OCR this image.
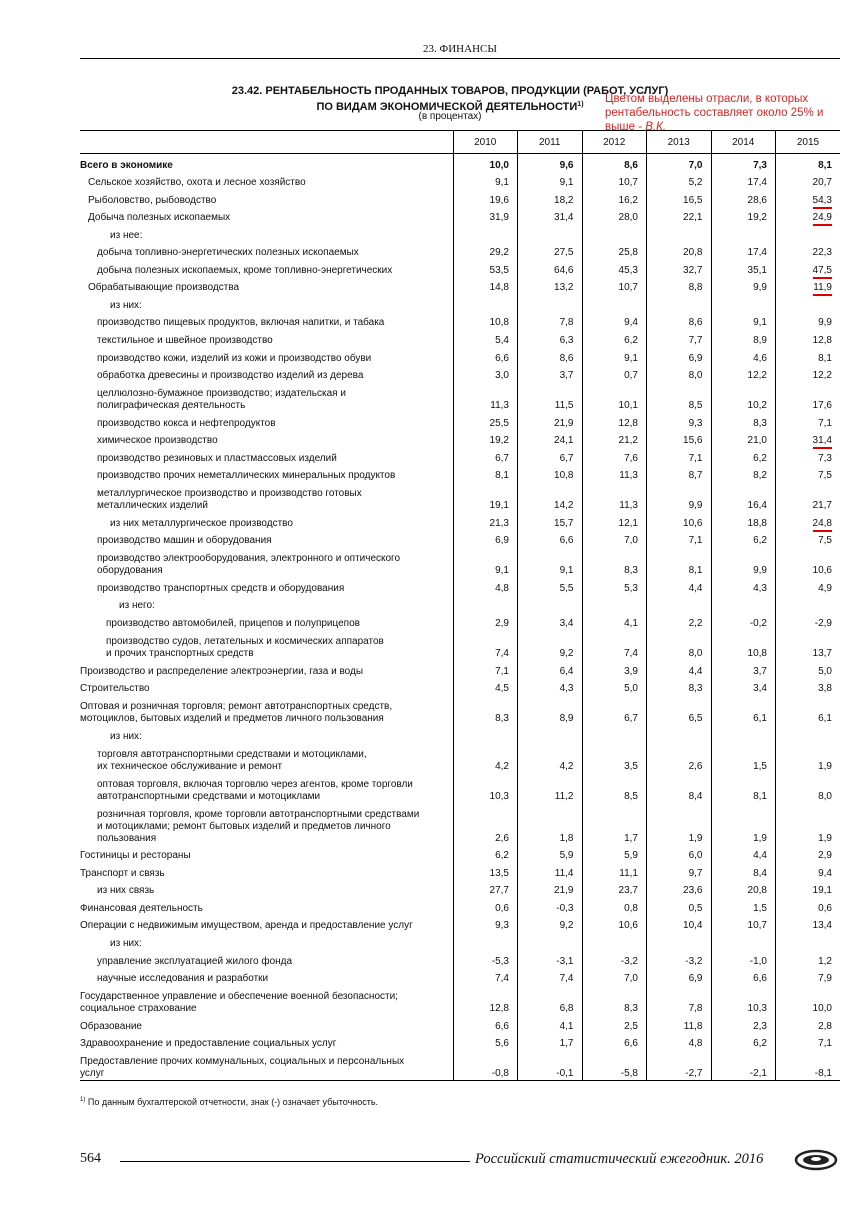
23. ФИНАНСЫ
23.42. РЕНТАБЕЛЬНОСТЬ ПРОДАННЫХ ТОВАРОВ, ПРОДУКЦИИ (РАБОТ, УСЛУГ)
ПО ВИДАМ ЭКОНОМИЧЕСКОЙ ДЕЯТЕЛЬНОСТИ$^{1)}$
(в процентах)
Цветом выделены отрасли, в которых рентабельность составляет около 25% и выше - В.К.
	2010	2011	2012	2013	2014	2015

Всего в экономике	10,0	9,6	8,6	7,0	7,3	8,1

Сельское хозяйство, охота и лесное хозяйство	9,1	9,1	10,7	5,2	17,4	20,7

Рыболовство, рыбоводство	19,6	18,2	16,2	16,5	28,6	54,3

Добыча полезных ископаемых	31,9	31,4	28,0	22,1	19,2	24,9

из нее:						

добыча топливно-энергетических полезных ископаемых	29,2	27,5	25,8	20,8	17,4	22,3

добыча полезных ископаемых, кроме топливно-энергетических	53,5	64,6	45,3	32,7	35,1	47,5

Обрабатывающие производства	14,8	13,2	10,7	8,8	9,9	11,9

из них:						

производство пищевых продуктов, включая напитки, и табака	10,8	7,8	9,4	8,6	9,1	9,9

текстильное и швейное производство	5,4	6,3	6,2	7,7	8,9	12,8

производство кожи, изделий из кожи и производство обуви	6,6	8,6	9,1	6,9	4,6	8,1

обработка древесины и производство изделий из дерева	3,0	3,7	0,7	8,0	12,2	12,2

целлюлозно-бумажное производство; издательская и
полиграфическая деятельность	11,3	11,5	10,1	8,5	10,2	17,6

производство кокса и нефтепродуктов	25,5	21,9	12,8	9,3	8,3	7,1

химическое производство	19,2	24,1	21,2	15,6	21,0	31,4

производство резиновых и пластмассовых изделий	6,7	6,7	7,6	7,1	6,2	7,3

производство прочих неметаллических минеральных продуктов	8,1	10,8	11,3	8,7	8,2	7,5

металлургическое производство и производство готовых
металлических изделий	19,1	14,2	11,3	9,9	16,4	21,7

из них металлургическое производство	21,3	15,7	12,1	10,6	18,8	24,8

производство машин и оборудования	6,9	6,6	7,0	7,1	6,2	7,5

производство электрооборудования, электронного и оптического
оборудования	9,1	9,1	8,3	8,1	9,9	10,6

производство транспортных средств и оборудования	4,8	5,5	5,3	4,4	4,3	4,9

из него:						

производство автомобилей, прицепов и полуприцепов	2,9	3,4	4,1	2,2	-0,2	-2,9

производство судов, летательных и космических аппаратов
и прочих транспортных средств	7,4	9,2	7,4	8,0	10,8	13,7

Производство и распределение электроэнергии, газа и воды	7,1	6,4	3,9	4,4	3,7	5,0

Строительство	4,5	4,3	5,0	8,3	3,4	3,8

Оптовая и розничная торговля; ремонт автотранспортных средств,
мотоциклов, бытовых изделий и предметов личного пользования	8,3	8,9	6,7	6,5	6,1	6,1

из них:						

торговля автотранспортными средствами и мотоциклами,
их техническое обслуживание и ремонт	4,2	4,2	3,5	2,6	1,5	1,9

оптовая торговля, включая торговлю через агентов, кроме торговли
автотранспортными средствами и мотоциклами	10,3	11,2	8,5	8,4	8,1	8,0

розничная торговля, кроме торговли автотранспортными средствами
и мотоциклами; ремонт бытовых изделий и предметов личного
пользования	2,6	1,8	1,7	1,9	1,9	1,9

Гостиницы и рестораны	6,2	5,9	5,9	6,0	4,4	2,9

Транспорт и связь	13,5	11,4	11,1	9,7	8,4	9,4

из них связь	27,7	21,9	23,7	23,6	20,8	19,1

Финансовая деятельность	0,6	-0,3	0,8	0,5	1,5	0,6

Операции с недвижимым имуществом, аренда и предоставление услуг	9,3	9,2	10,6	10,4	10,7	13,4

из них:						

управление эксплуатацией жилого фонда	-5,3	-3,1	-3,2	-3,2	-1,0	1,2

научные исследования и разработки	7,4	7,4	7,0	6,9	6,6	7,9

Государственное управление и обеспечение военной безопасности;
социальное страхование	12,8	6,8	8,3	7,8	10,3	10,0

Образование	6,6	4,1	2,5	11,8	2,3	2,8

Здравоохранение и предоставление социальных услуг	5,6	1,7	6,6	4,8	6,2	7,1

Предоставление прочих коммунальных, социальных и персональных
услуг	-0,8	-0,1	-5,8	-2,7	-2,1	-8,1
$^{1)}$ По данным бухгалтерской отчетности, знак (-) означает убыточность.
564	Российский статистический ежегодник. 2016
